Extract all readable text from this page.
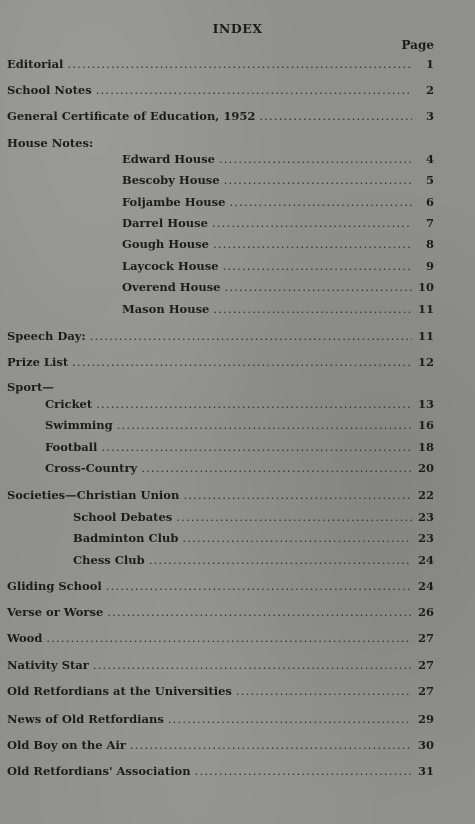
INDEX
Page
Editorial .....	1
School Notes .....	2
General Certificate of Education, 1952 .....	3
House Notes:
Edward House .....	4
Bescoby House .....	5
Foljambe House .....	6
Darrel House .....	7
Gough House .....	8
Laycock House .....	9
Overend House .....	10
Mason House .....	11
Speech Day: .....	11
Prize List .....	12
Sport—
Cricket .....	13
Swimming .....	16
Football .....	18
Cross-Country .....	20
Societies—Christian Union .....	22
School Debates .....	23
Badminton Club .....	23
Chess Club .....	24
Gliding School .....	24
Verse or Worse .....	26
Wood .....	27
Nativity Star .....	27
Old Retfordians at the Universities .....	27
News of Old Retfordians .....	29
Old Boy on the Air .....	30
Old Retfordians' Association .....	31
